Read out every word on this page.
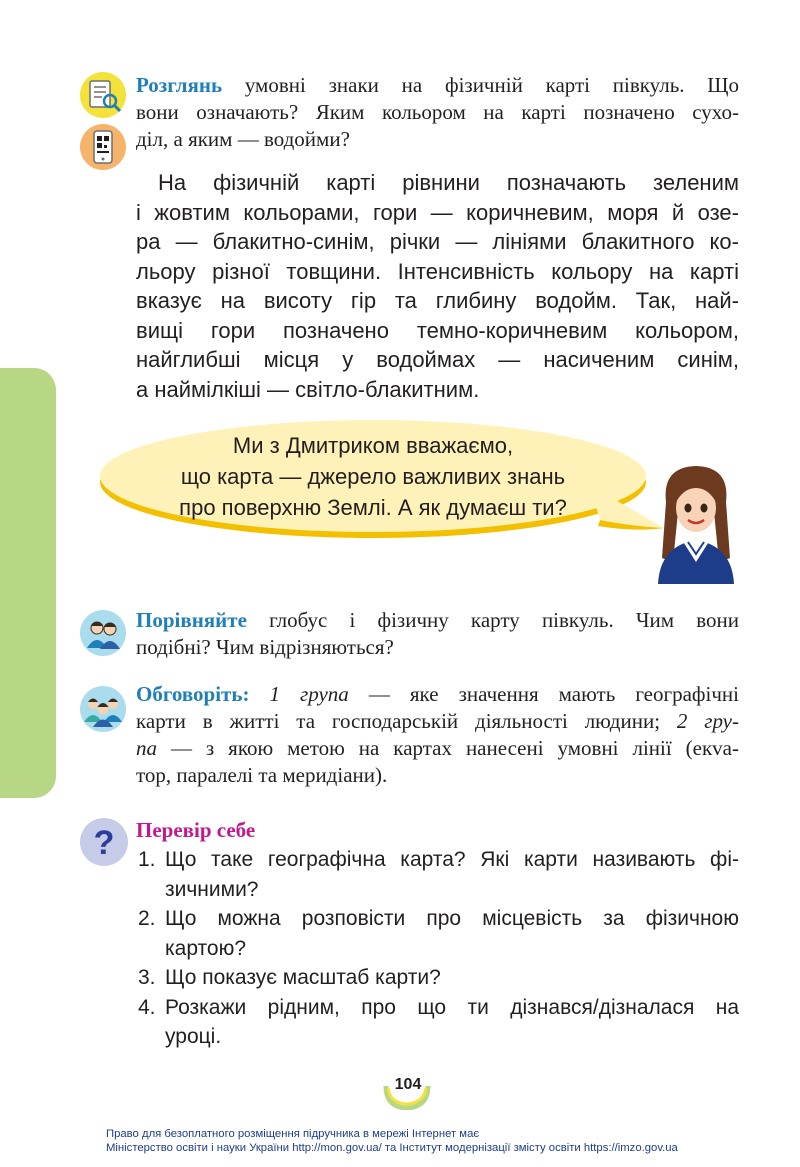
?
Розглянь умовні знаки на фізичній карті півкуль. Що
вони означають? Яким кольором на карті позначено сухо-
діл, а яким — водойми?
На фізичній карті рівнини позначають зеленим
і жовтим кольорами, гори — коричневим, моря й озе-
ра — блакитно-синім, річки — лініями блакитного ко-
льору різної товщини. Інтенсивність кольору на карті
вказує на висоту гір та глибину водойм. Так, най-
вищі гори позначено темно-коричневим кольором,
найглибші місця у водоймах — насиченим синім,
а наймілкіші — світло-блакитним.
Ми з Дмитриком вважаємо,
що карта — джерело важливих знань
про поверхню Землі. А як думаєш ти?
Порівняйте глобус і фізичну карту півкуль. Чим вони
подібні? Чим відрізняються?
Обговоріть: 1 група — яке значення мають географічні
карти в житті та господарській діяльності людини; 2 гру-
па — з якою метою на картах нанесені умовні лінії (екva-
тор, паралелі та меридіани).
Перевір себе
1. Що таке географічна карта? Які карти називають фі-
зичними?
2. Що можна розповісти про місцевість за фізичною
картою?
3. Що показує масштаб карти?
4. Розкажи рідним, про що ти дізнався/дізналася на
уроці.
104
Право для безоплатного розміщення підручника в мережі Інтернет має
Міністерство освіти і науки України http://mon.gov.ua/ та Інститут модернізації змісту освіти https://imzo.gov.ua
